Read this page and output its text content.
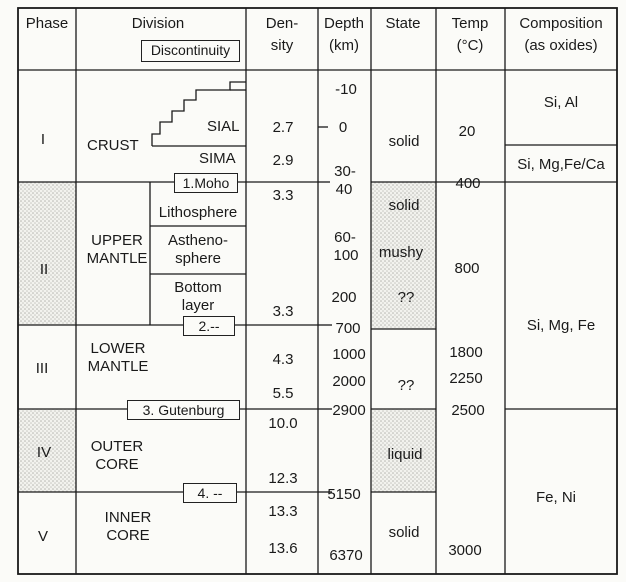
Phase	Division
Discontinuity
Den-
sity
Depth
(km)
State Temp
(°C)
Composition
(as oxides)
I
II
III
IV
V
CRUST
SIAL
SIMA
UPPER
MANTLE
Lithosphere
Astheno-
sphere
Bottom
layer
LOWER
MANTLE
OUTER
CORE
INNER
CORE
1.Moho
2.--
3. Gutenburg
4. --
2.7
2.9
3.3
3.3
4.3
5.5
10.0
12.3
13.3
13.6
-10
0
30-
40
60-
100
200
700
1000
2000
2900
5150
6370
solid
solid
mushy
??
??
liquid
solid
20
400
800
1800
2250
2500
3000
Si, Al
Si, Mg,Fe/Ca
Si, Mg, Fe
Fe, Ni
